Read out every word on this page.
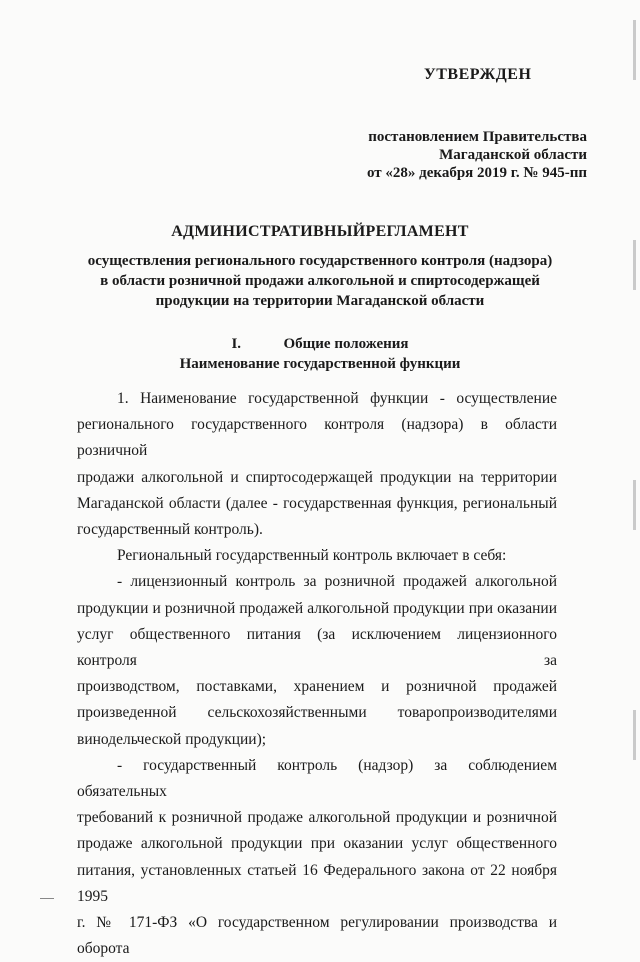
УТВЕРЖДЕН
постановлением Правительства
Магаданской области
от «28» декабря 2019 г. № 945-пп
АДМИНИСТРАТИВНЫЙРЕГЛАМЕНТ
осуществления регионального государственного контроля (надзора)
в области розничной продажи алкогольной и спиртосодержащей
продукции на территории Магаданской области
I.	Общие положения
Наименование государственной функции

1. Наименование государственной функции - осуществление

регионального государственного контроля (надзора) в области розничной

продажи алкогольной и спиртосодержащей продукции на территории

Магаданской области (далее - государственная функция, региональный

государственный контроль).

Региональный государственный контроль включает в себя:

- лицензионный контроль за розничной продажей алкогольной

продукции и розничной продажей алкогольной продукции при оказании

услуг общественного питания (за исключением лицензионного контроля за

производством, поставками, хранением и розничной продажей

произведенной сельскохозяйственными товаропроизводителями

винодельческой продукции);

- государственный контроль (надзор) за соблюдением обязательных

требований к розничной продаже алкогольной продукции и розничной

продаже алкогольной продукции при оказании услуг общественного

питания, установленных статьей 16 Федерального закона от 22 ноября 1995

г. № 171-ФЗ «О государственном регулировании производства и оборота
